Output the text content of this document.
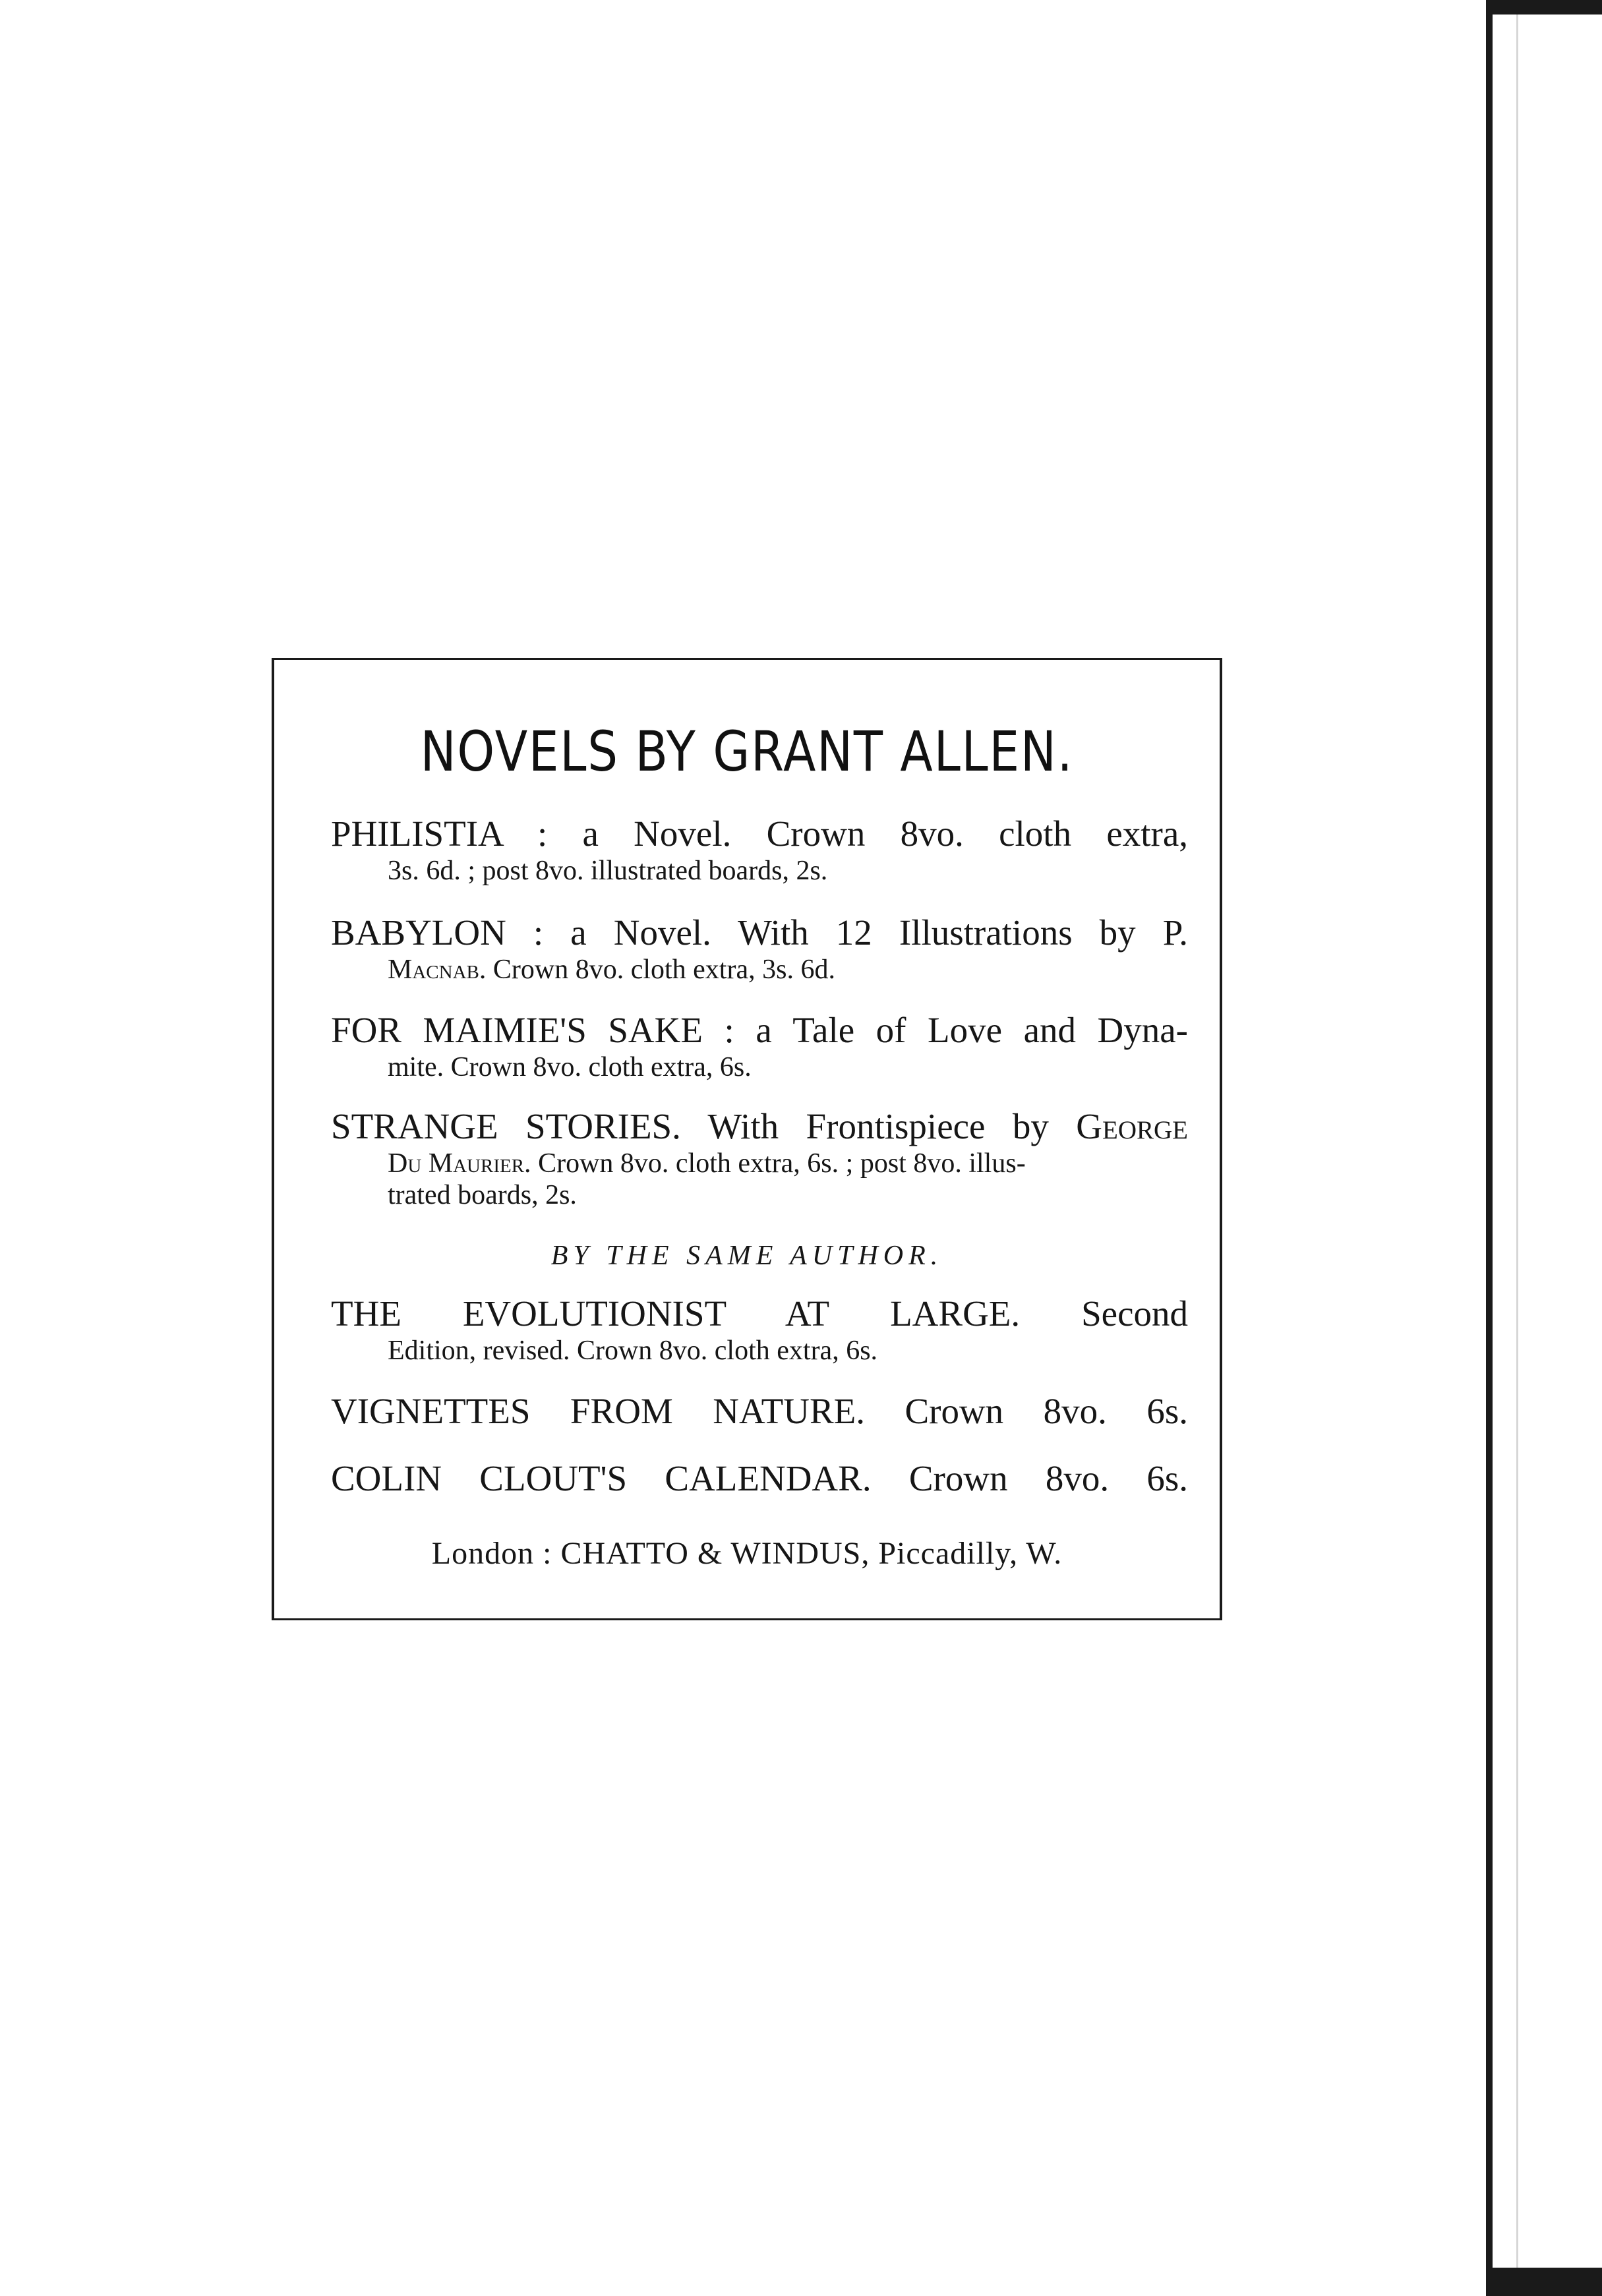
NOVELS BY GRANT ALLEN.
PHILISTIA : a Novel. Crown 8vo. cloth extra,
3s. 6d. ; post 8vo. illustrated boards, 2s.
BABYLON : a Novel. With 12 Illustrations by P.
Macnab. Crown 8vo. cloth extra, 3s. 6d.
FOR MAIMIE'S SAKE : a Tale of Love and Dyna-
mite. Crown 8vo. cloth extra, 6s.
STRANGE STORIES. With Frontispiece by George
Du Maurier. Crown 8vo. cloth extra, 6s. ; post 8vo. illus-
trated boards, 2s.
BY THE SAME AUTHOR.
THE EVOLUTIONIST AT LARGE. Second
Edition, revised. Crown 8vo. cloth extra, 6s.
VIGNETTES FROM NATURE. Crown 8vo. 6s.
COLIN CLOUT'S CALENDAR. Crown 8vo. 6s.
London : CHATTO & WINDUS, Piccadilly, W.
